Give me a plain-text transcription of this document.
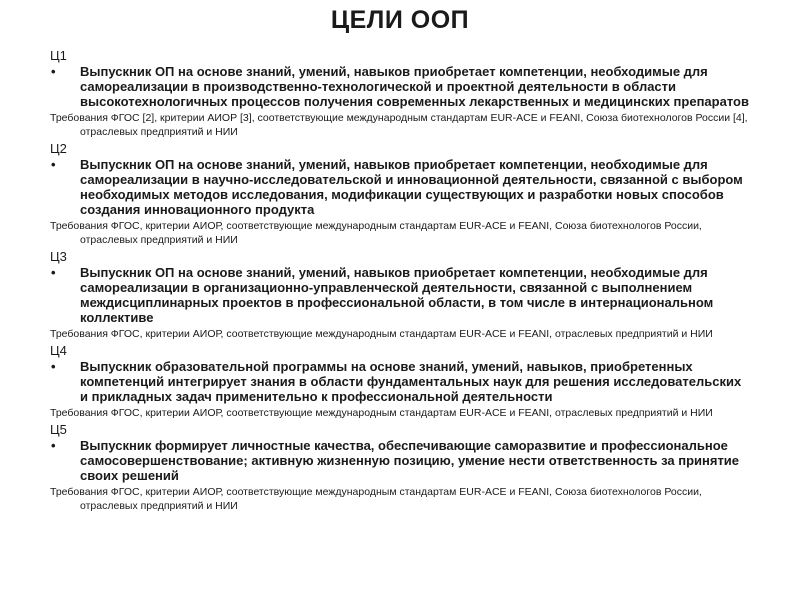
ЦЕЛИ ООП
Ц1
• Выпускник ОП на основе знаний, умений, навыков приобретает компетенции, необходимые для самореализации в производственно-технологической и проектной деятельности в области высокотехнологичных процессов получения современных лекарственных и медицинских препаратов
Требования ФГОС [2], критерии АИОР [3], соответствующие международным стандартам EUR-ACE и FEANI, Союза биотехнологов России [4], отраслевых предприятий и НИИ
Ц2
• Выпускник ОП на основе знаний, умений, навыков приобретает компетенции, необходимые для самореализации в научно-исследовательской и инновационной деятельности, связанной с выбором необходимых методов исследования, модификации существующих и разработки новых способов создания инновационного продукта
Требования ФГОС, критерии АИОР, соответствующие международным стандартам EUR-ACE и FEANI, Союза биотехнологов России, отраслевых предприятий и НИИ
Ц3
• Выпускник ОП на основе знаний, умений, навыков приобретает компетенции, необходимые для самореализации в организационно-управленческой деятельности, связанной с выполнением междисциплинарных проектов в профессиональной области, в том числе в интернациональном коллективе
Требования ФГОС, критерии АИОР, соответствующие международным стандартам EUR-ACE и FEANI, отраслевых предприятий и НИИ
Ц4
• Выпускник образовательной программы на основе знаний, умений, навыков, приобретенных компетенций интегрирует знания в области фундаментальных наук для решения исследовательских и прикладных задач применительно к профессиональной деятельности
Требования ФГОС, критерии АИОР, соответствующие международным стандартам EUR-ACE и FEANI, отраслевых предприятий и НИИ
Ц5
• Выпускник формирует личностные качества, обеспечивающие саморазвитие и профессиональное самосовершенствование; активную жизненную позицию, умение нести ответственность за принятие своих решений
Требования ФГОС, критерии АИОР, соответствующие международным стандартам EUR-ACE и FEANI, Союза биотехнологов России, отраслевых предприятий и НИИ
